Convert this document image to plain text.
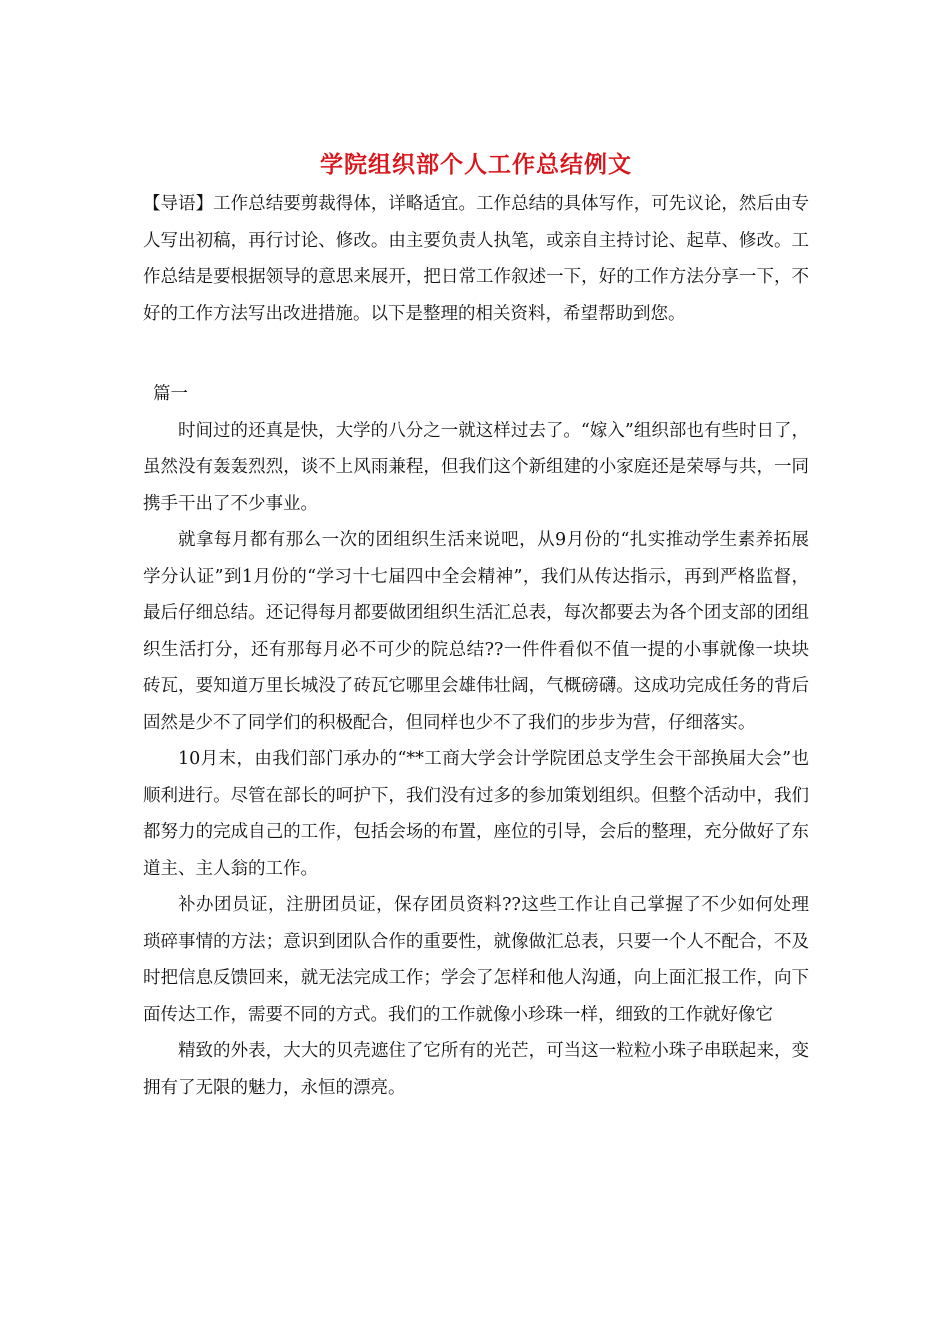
学院组织部个人工作总结例文

【导语】工作总结要剪裁得体，详略适宜。工作总结的具体写作，可先议论，然后由专人写出初稿，再行讨论、修改。由主要负责人执笔，或亲自主持讨论、起草、修改。工作总结是要根据领导的意思来展开，把日常工作叙述一下，好的工作方法分享一下，不好的工作方法写出改进措施。以下是整理的相关资料，希望帮助到您。

篇一

时间过的还真是快，大学的八分之一就这样过去了。“嫁入”组织部也有些时日了，虽然没有轰轰烈烈，谈不上风雨兼程，但我们这个新组建的小家庭还是荣辱与共，一同携手干出了不少事业。

就拿每月都有那么一次的团组织生活来说吧，从9月份的“扎实推动学生素养拓展学分认证”到1月份的“学习十七届四中全会精神”，我们从传达指示，再到严格监督，最后仔细总结。还记得每月都要做团组织生活汇总表，每次都要去为各个团支部的团组织生活打分，还有那每月必不可少的院总结??一件件看似不值一提的小事就像一块块砖瓦，要知道万里长城没了砖瓦它哪里会雄伟壮阔，气概磅礴。这成功完成任务的背后固然是少不了同学们的积极配合，但同样也少不了我们的步步为营，仔细落实。

10月末，由我们部门承办的“**工商大学会计学院团总支学生会干部换届大会”也顺利进行。尽管在部长的呵护下，我们没有过多的参加策划组织。但整个活动中，我们都努力的完成自己的工作，包括会场的布置，座位的引导，会后的整理，充分做好了东道主、主人翁的工作。

补办团员证，注册团员证，保存团员资料??这些工作让自己掌握了不少如何处理琐碎事情的方法；意识到团队合作的重要性，就像做汇总表，只要一个人不配合，不及时把信息反馈回来，就无法完成工作；学会了怎样和他人沟通，向上面汇报工作，向下面传达工作，需要不同的方式。我们的工作就像小珍珠一样，细致的工作就好像它

精致的外表，大大的贝壳遮住了它所有的光芒，可当这一粒粒小珠子串联起来，变拥有了无限的魅力，永恒的漂亮。
